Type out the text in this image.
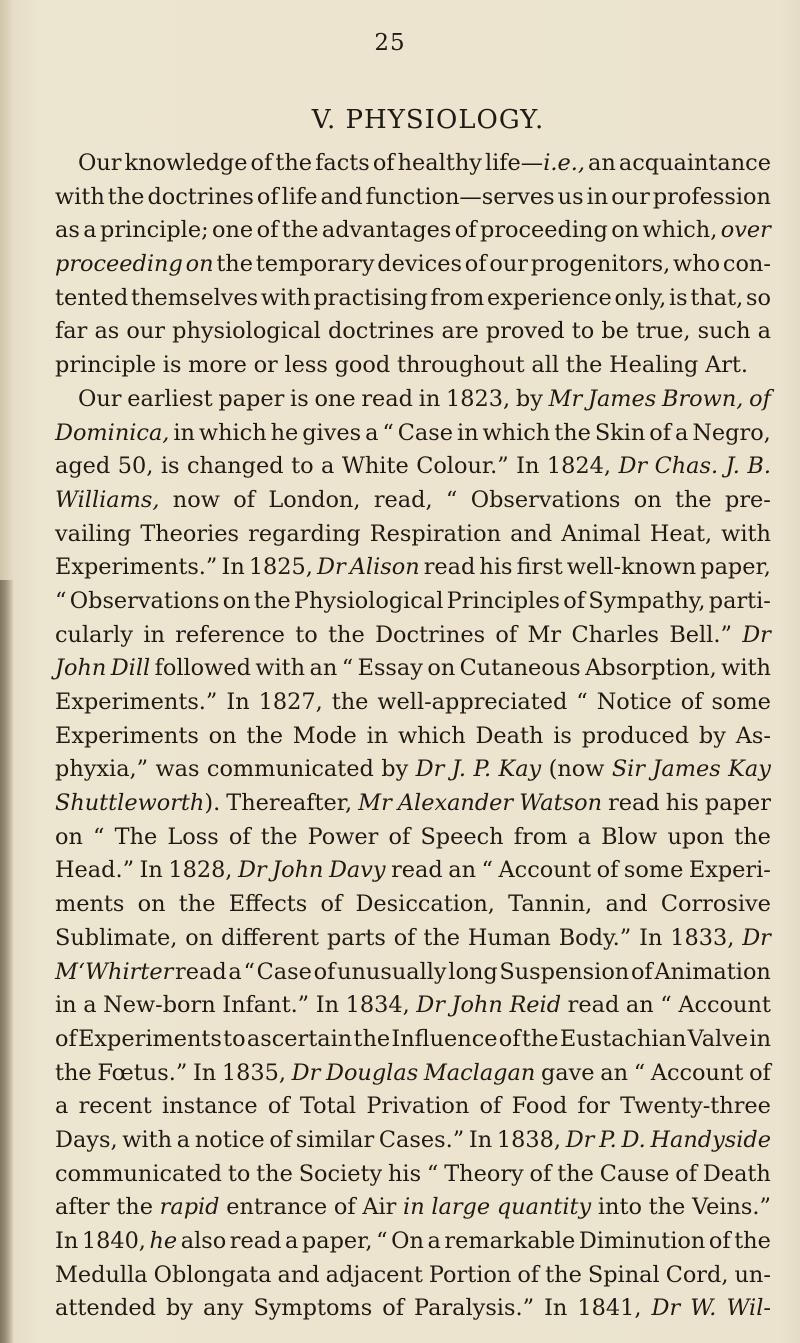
25
V. PHYSIOLOGY.
Our knowledge of the facts of healthy life—i.e., an acquaintance
with the doctrines of life and function—serves us in our profession
as a principle; one of the advantages of proceeding on which, over
proceeding on the temporary devices of our progenitors, who con-
tented themselves with practising from experience only, is that, so
far as our physiological doctrines are proved to be true, such a
principle is more or less good throughout all the Healing Art.
Our earliest paper is one read in 1823, by Mr James Brown, of
Dominica, in which he gives a “ Case in which the Skin of a Negro,
aged 50, is changed to a White Colour.” In 1824, Dr Chas. J. B.
Williams, now of London, read, “ Observations on the pre-
vailing Theories regarding Respiration and Animal Heat, with
Experiments.” In 1825, Dr Alison read his first well-known paper,
“ Observations on the Physiological Principles of Sympathy, parti-
cularly in reference to the Doctrines of Mr Charles Bell.” Dr
John Dill followed with an “ Essay on Cutaneous Absorption, with
Experiments.” In 1827, the well-appreciated “ Notice of some
Experiments on the Mode in which Death is produced by As-
phyxia,” was communicated by Dr J. P. Kay (now Sir James Kay
Shuttleworth). Thereafter, Mr Alexander Watson read his paper
on “ The Loss of the Power of Speech from a Blow upon the
Head.” In 1828, Dr John Davy read an “ Account of some Experi-
ments on the Effects of Desiccation, Tannin, and Corrosive
Sublimate, on different parts of the Human Body.” In 1833, Dr
M‘Whirter read a “ Case of unusually long Suspension of Animation
in a New-born Infant.” In 1834, Dr John Reid read an “ Account
of Experiments to ascertain the Influence of the Eustachian Valve in
the Fœtus.” In 1835, Dr Douglas Maclagan gave an “ Account of
a recent instance of Total Privation of Food for Twenty-three
Days, with a notice of similar Cases.” In 1838, Dr P. D. Handyside
communicated to the Society his “ Theory of the Cause of Death
after the rapid entrance of Air in large quantity into the Veins.”
In 1840, he also read a paper, “ On a remarkable Diminution of the
Medulla Oblongata and adjacent Portion of the Spinal Cord, un-
attended by any Symptoms of Paralysis.” In 1841, Dr W. Wil-
